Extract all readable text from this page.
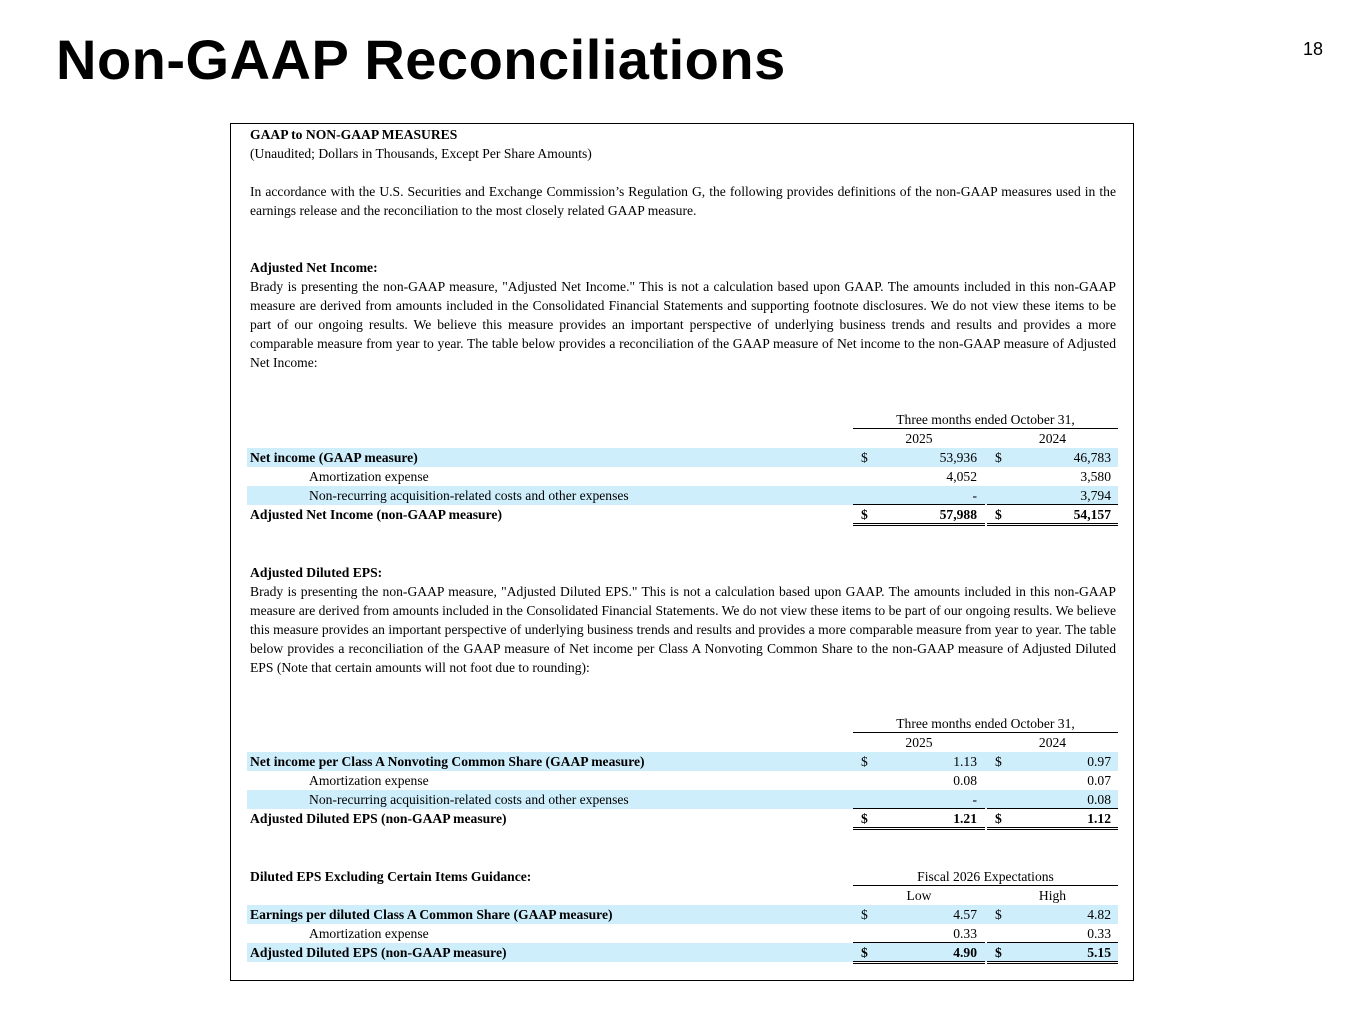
Non-GAAP Reconciliations	18
GAAP to NON-GAAP MEASURES
(Unaudited; Dollars in Thousands, Except Per Share Amounts)
In accordance with the U.S. Securities and Exchange Commission’s Regulation G, the following provides definitions of the non-GAAP measures used in the earnings release and the reconciliation to the most closely related GAAP measure.
Adjusted Net Income:
Brady is presenting the non-GAAP measure, "Adjusted Net Income." This is not a calculation based upon GAAP. The amounts included in this non-GAAP measure are derived from amounts included in the Consolidated Financial Statements and supporting footnote disclosures. We do not view these items to be part of our ongoing results. We believe this measure provides an important perspective of underlying business trends and results and provides a more comparable measure from year to year. The table below provides a reconciliation of the GAAP measure of Net income to the non-GAAP measure of Adjusted Net Income:
Three months ended October 31,
2025	2024
Net income (GAAP measure)	$	53,936 $	46,783
Amortization expense	4,052	3,580
Non-recurring acquisition-related costs and other expenses	-	3,794
Adjusted Net Income (non-GAAP measure)	$	57,988 $	54,157
Adjusted Diluted EPS:
Brady is presenting the non-GAAP measure, "Adjusted Diluted EPS." This is not a calculation based upon GAAP. The amounts included in this non-GAAP measure are derived from amounts included in the Consolidated Financial Statements. We do not view these items to be part of our ongoing results. We believe this measure provides an important perspective of underlying business trends and results and provides a more comparable measure from year to year. The table below provides a reconciliation of the GAAP measure of Net income per Class A Nonvoting Common Share to the non-GAAP measure of Adjusted Diluted EPS (Note that certain amounts will not foot due to rounding):
Three months ended October 31,
2025	2024
Net income per Class A Nonvoting Common Share (GAAP measure)	$	1.13 $	0.97
Amortization expense	0.08	0.07
Non-recurring acquisition-related costs and other expenses	-	0.08
Adjusted Diluted EPS (non-GAAP measure)	$	1.21 $	1.12
Diluted EPS Excluding Certain Items Guidance:	Fiscal 2026 Expectations
Low	High
Earnings per diluted Class A Common Share (GAAP measure)	$	4.57 $	4.82
Amortization expense	0.33	0.33
Adjusted Diluted EPS (non-GAAP measure)	$	4.90 $	5.15
